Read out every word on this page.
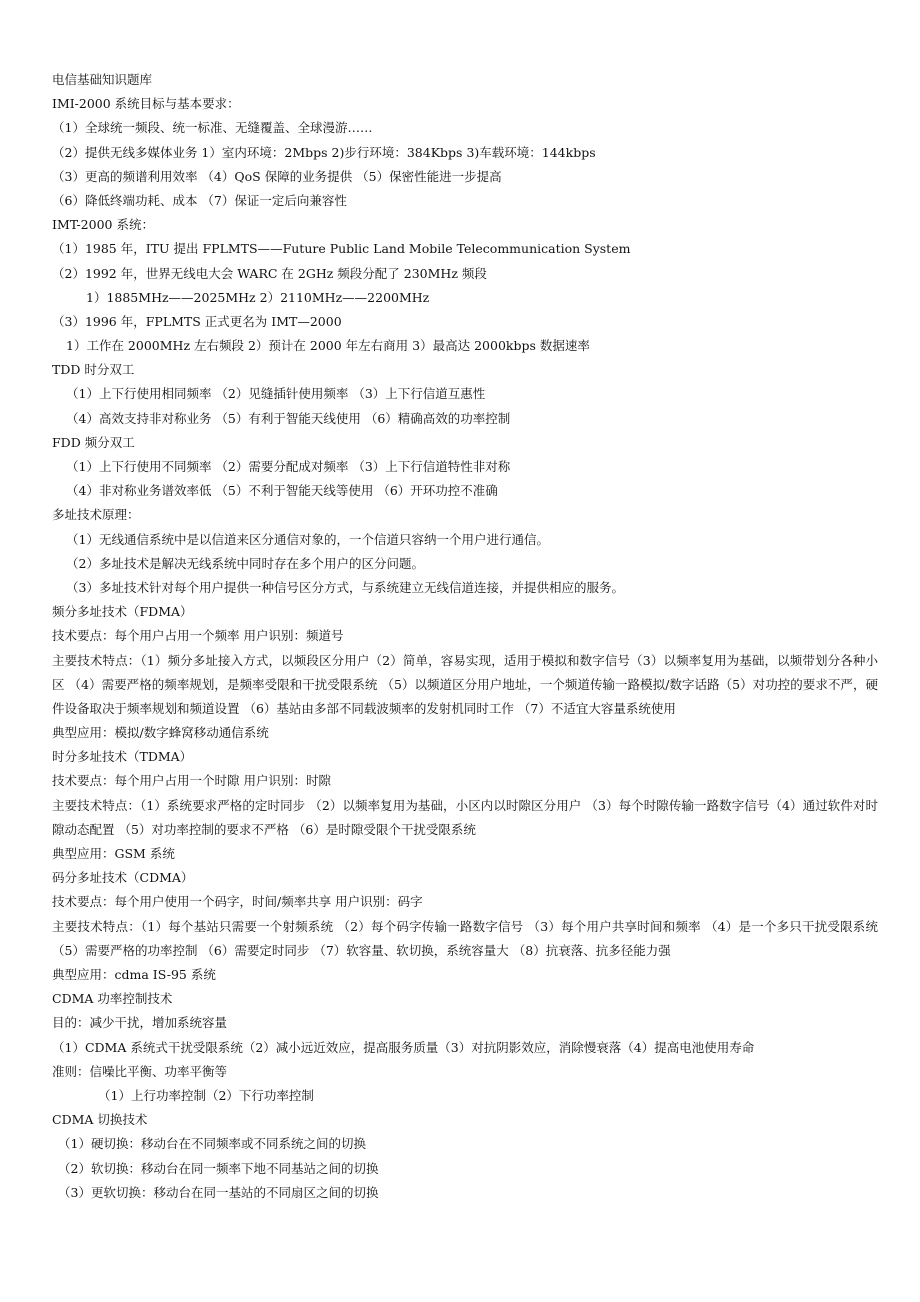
电信基础知识题库
IMI-2000 系统目标与基本要求：
（1）全球统一频段、统一标准、无缝覆盖、全球漫游……
（2）提供无线多媒体业务 1）室内环境：2Mbps 2)步行环境：384Kbps 3)车载环境：144kbps
（3）更高的频谱利用效率 （4）QoS 保障的业务提供 （5）保密性能进一步提高
（6）降低终端功耗、成本 （7）保证一定后向兼容性
IMT-2000 系统：
（1）1985 年，ITU 提出 FPLMTS——Future Public Land Mobile Telecommunication System
（2）1992 年，世界无线电大会 WARC 在 2GHz 频段分配了 230MHz 频段
1）1885MHz——2025MHz 2）2110MHz——2200MHz
（3）1996 年，FPLMTS 正式更名为 IMT—2000
1）工作在 2000MHz 左右频段 2）预计在 2000 年左右商用 3）最高达 2000kbps 数据速率
TDD 时分双工
（1）上下行使用相同频率 （2）见缝插针使用频率 （3）上下行信道互惠性
（4）高效支持非对称业务 （5）有利于智能天线使用 （6）精确高效的功率控制
FDD 频分双工
（1）上下行使用不同频率 （2）需要分配成对频率 （3）上下行信道特性非对称
（4）非对称业务谱效率低 （5）不利于智能天线等使用 （6）开环功控不准确
多址技术原理：
（1）无线通信系统中是以信道来区分通信对象的，一个信道只容纳一个用户进行通信。
（2）多址技术是解决无线系统中同时存在多个用户的区分问题。
（3）多址技术针对每个用户提供一种信号区分方式，与系统建立无线信道连接，并提供相应的服务。
频分多址技术（FDMA）
技术要点：每个用户占用一个频率 用户识别：频道号
主要技术特点：（1）频分多址接入方式，以频段区分用户（2）简单，容易实现，适用于模拟和数字信号（3）以频率复用为基础，以频带划分各种小区 （4）需要严格的频率规划，是频率受限和干扰受限系统 （5）以频道区分用户地址，一个频道传输一路模拟/数字话路（5）对功控的要求不严，硬件设备取决于频率规划和频道设置 （6）基站由多部不同载波频率的发射机同时工作 （7）不适宜大容量系统使用
典型应用：模拟/数字蜂窝移动通信系统
时分多址技术（TDMA）
技术要点：每个用户占用一个时隙 用户识别：时隙
主要技术特点：（1）系统要求严格的定时同步 （2）以频率复用为基础，小区内以时隙区分用户 （3）每个时隙传输一路数字信号（4）通过软件对时隙动态配置 （5）对功率控制的要求不严格 （6）是时隙受限个干扰受限系统
典型应用：GSM 系统
码分多址技术（CDMA）
技术要点：每个用户使用一个码字，时间/频率共享 用户识别：码字
主要技术特点：（1）每个基站只需要一个射频系统 （2）每个码字传输一路数字信号 （3）每个用户共享时间和频率 （4）是一个多只干扰受限系统 （5）需要严格的功率控制 （6）需要定时同步 （7）软容量、软切换，系统容量大 （8）抗衰落、抗多径能力强
典型应用：cdma IS-95 系统
CDMA 功率控制技术
目的：减少干扰，增加系统容量
（1）CDMA 系统式干扰受限系统（2）减小远近效应，提高服务质量（3）对抗阴影效应，消除慢衰落（4）提高电池使用寿命
准则：信噪比平衡、功率平衡等
（1）上行功率控制（2）下行功率控制
CDMA 切换技术
（1）硬切换：移动台在不同频率或不同系统之间的切换
（2）软切换：移动台在同一频率下地不同基站之间的切换
（3）更软切换：移动台在同一基站的不同扇区之间的切换
